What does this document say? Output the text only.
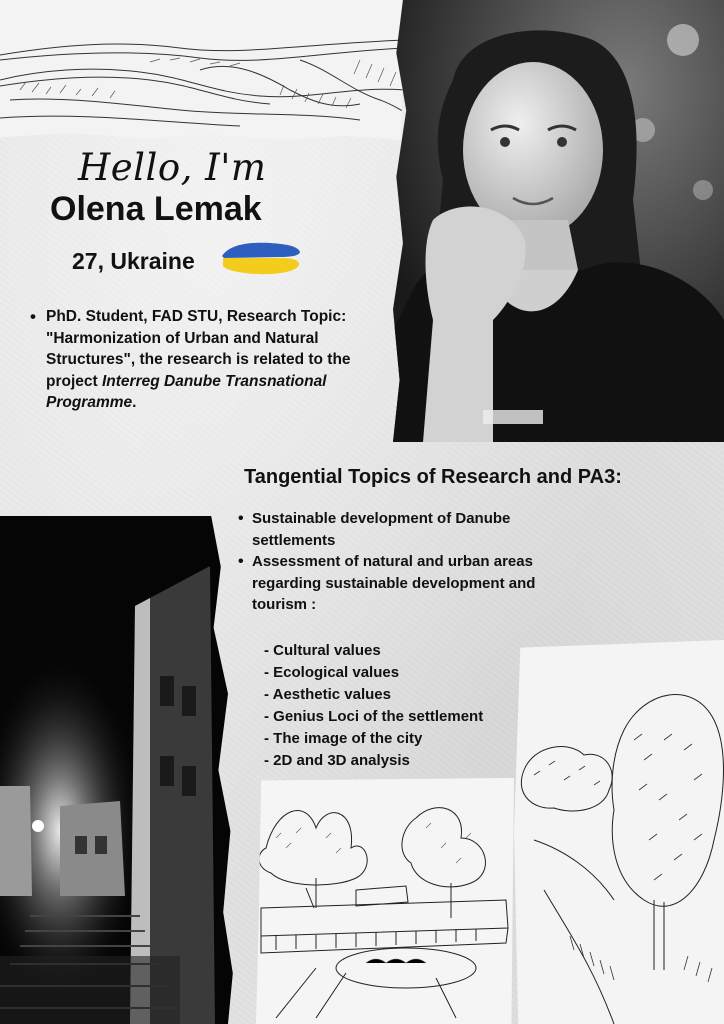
Hello, I'm
Olena Lemak
27, Ukraine
• PhD. Student, FAD STU, Research Topic: "Harmonization of Urban and Natural Structures", the research is related to the project Interreg Danube Transnational Programme.
Tangential Topics of Research and PA3:
• Sustainable development of Danube settlements
• Assessment of natural and urban areas regarding sustainable development and tourism :
- Cultural values
- Ecological values
- Aesthetic values
- Genius Loci of the settlement
- The image of the city
- 2D and 3D analysis
